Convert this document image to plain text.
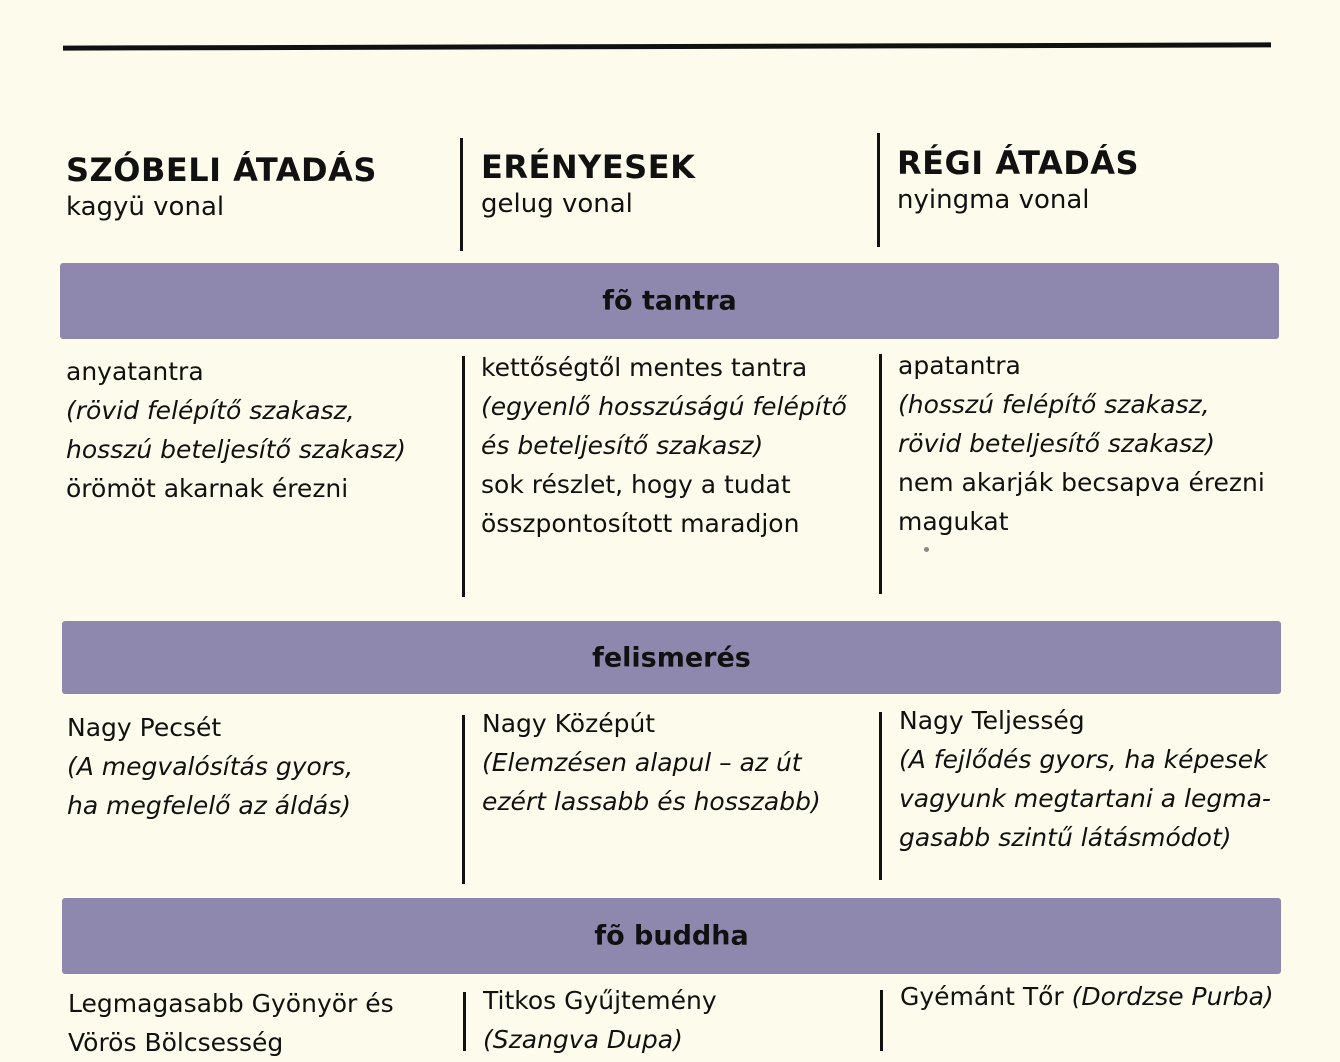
SZÓBELI ÁTADÁS
kagyü vonal
ERÉNYESEK
gelug vonal
RÉGI ÁTADÁS
nyingma vonal
fõ tantra
anyatantra
(rövid felépítő szakasz,
hosszú beteljesítő szakasz)
örömöt akarnak érezni
kettőségtől mentes tantra
(egyenlő hosszúságú felépítő
és beteljesítő szakasz)
sok részlet, hogy a tudat
összpontosított maradjon
apatantra
(hosszú felépítő szakasz,
rövid beteljesítő szakasz)
nem akarják becsapva érezni
magukat
felismerés
Nagy Pecsét
(A megvalósítás gyors,
ha megfelelő az áldás)
Nagy Középút
(Elemzésen alapul – az út
ezért lassabb és hosszabb)
Nagy Teljesség
(A fejlődés gyors, ha képesek
vagyunk megtartani a legma-
gasabb szintű látásmódot)
fõ buddha
Legmagasabb Gyönyör és
Vörös Bölcsesség
Titkos Gyűjtemény
(Szangva Dupa)
Gyémánt Tőr (Dordzse Purba)
